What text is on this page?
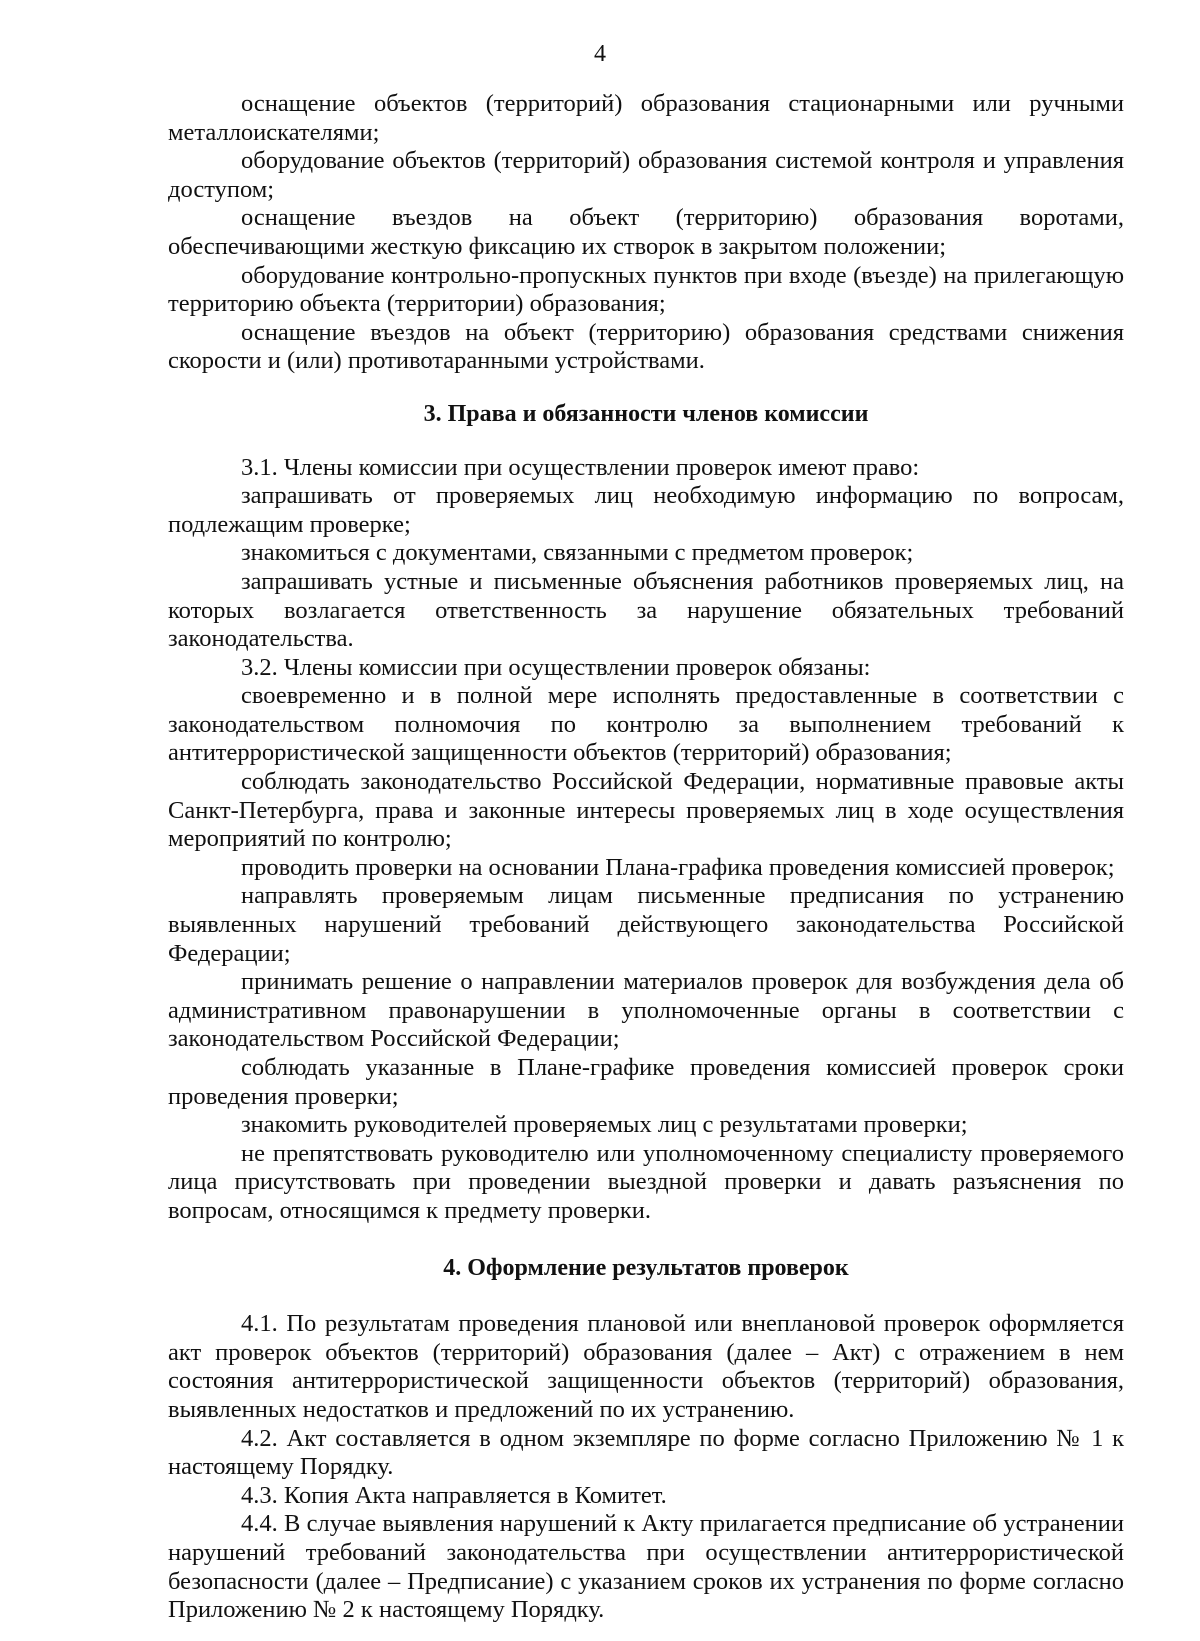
4

оснащение объектов (территорий) образования стационарными или ручными металлоискателями;

оборудование объектов (территорий) образования системой контроля и управления доступом;

оснащение въездов на объект (территорию) образования воротами, обеспечивающими жесткую фиксацию их створок в закрытом положении;

оборудование контрольно-пропускных пунктов при входе (въезде) на прилегающую территорию объекта (территории) образования;

оснащение въездов на объект (территорию) образования средствами снижения скорости и (или) противотаранными устройствами.

3. Права и обязанности членов комиссии

3.1. Члены комиссии при осуществлении проверок имеют право:

запрашивать от проверяемых лиц необходимую информацию по вопросам, подлежащим проверке;

знакомиться с документами, связанными с предметом проверок;

запрашивать устные и письменные объяснения работников проверяемых лиц, на которых возлагается ответственность за нарушение обязательных требований законодательства.

3.2. Члены комиссии при осуществлении проверок обязаны:

своевременно и в полной мере исполнять предоставленные в соответствии с законодательством полномочия по контролю за выполнением требований к антитеррористической защищенности объектов (территорий) образования;

соблюдать законодательство Российской Федерации, нормативные правовые акты Санкт-Петербурга, права и законные интересы проверяемых лиц в ходе осуществления мероприятий по контролю;

проводить проверки на основании Плана-графика проведения комиссией проверок;

направлять проверяемым лицам письменные предписания по устранению выявленных нарушений требований действующего законодательства Российской Федерации;

принимать решение о направлении материалов проверок для возбуждения дела об административном правонарушении в уполномоченные органы в соответствии с законодательством Российской Федерации;

соблюдать указанные в Плане-графике проведения комиссией проверок сроки проведения проверки;

знакомить руководителей проверяемых лиц с результатами проверки;

не препятствовать руководителю или уполномоченному специалисту проверяемого лица присутствовать при проведении выездной проверки и давать разъяснения по вопросам, относящимся к предмету проверки.

4. Оформление результатов проверок

4.1. По результатам проведения плановой или внеплановой проверок оформляется акт проверок объектов (территорий) образования (далее – Акт) с отражением в нем состояния антитеррористической защищенности объектов (территорий) образования, выявленных недостатков и предложений по их устранению.

4.2. Акт составляется в одном экземпляре по форме согласно Приложению № 1 к настоящему Порядку.

4.3. Копия Акта направляется в Комитет.

4.4. В случае выявления нарушений к Акту прилагается предписание об устранении нарушений требований законодательства при осуществлении антитеррористической безопасности (далее – Предписание) с указанием сроков их устранения по форме согласно Приложению № 2 к настоящему Порядку.
